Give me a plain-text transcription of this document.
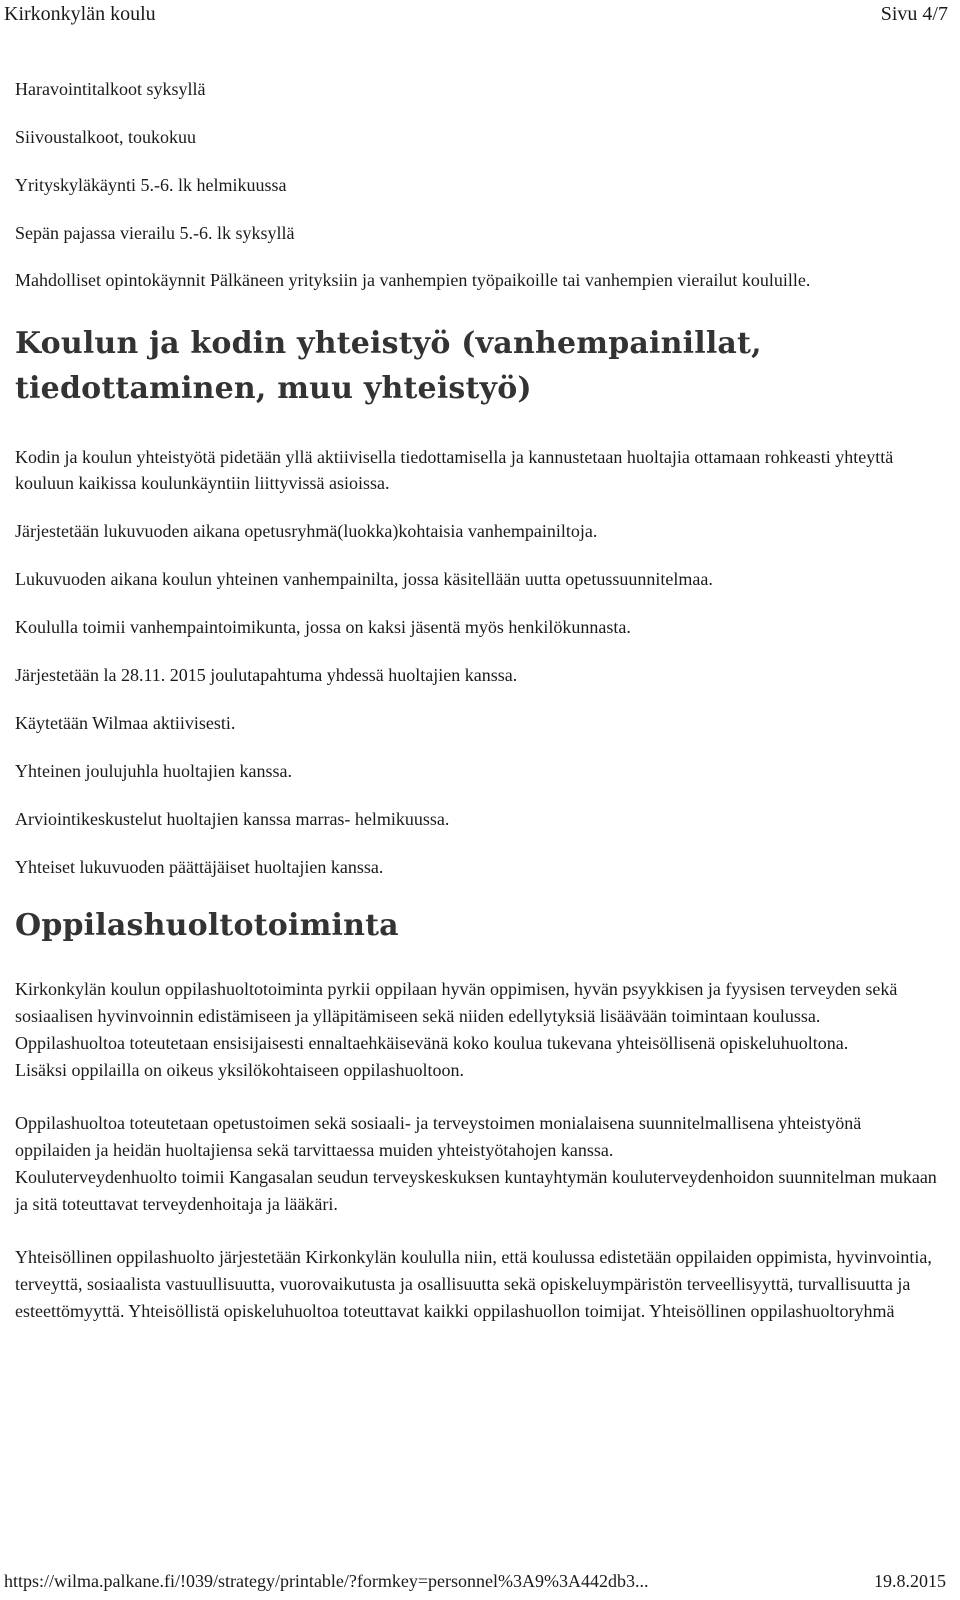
Kirkonkylän koulu	Sivu 4/7

Haravointitalkoot syksyllä

Siivoustalkoot, toukokuu

Yrityskyläkäynti 5.-6. lk helmikuussa

Sepän pajassa vierailu 5.-6. lk syksyllä

Mahdolliset opintokäynnit Pälkäneen yrityksiin ja vanhempien työpaikoille tai vanhempien vierailut kouluille.

Koulun ja kodin yhteistyö (vanhempainillat, tiedottaminen, muu yhteistyö)

Kodin ja koulun yhteistyötä pidetään yllä aktiivisella tiedottamisella ja kannustetaan huoltajia ottamaan rohkeasti yhteyttä kouluun kaikissa koulunkäyntiin liittyvissä asioissa.

Järjestetään lukuvuoden aikana opetusryhmä(luokka)kohtaisia vanhempainiltoja.

Lukuvuoden aikana koulun yhteinen vanhempainilta, jossa käsitellään uutta opetussuunnitelmaa.

Koululla toimii vanhempaintoimikunta, jossa on kaksi jäsentä myös henkilökunnasta.

Järjestetään la 28.11. 2015 joulutapahtuma yhdessä huoltajien kanssa.

Käytetään Wilmaa aktiivisesti.

Yhteinen joulujuhla huoltajien kanssa.

Arviointikeskustelut huoltajien kanssa marras- helmikuussa.

Yhteiset lukuvuoden päättäjäiset huoltajien kanssa.

Oppilashuoltotoiminta

Kirkonkylän koulun oppilashuoltotoiminta pyrkii oppilaan hyvän oppimisen, hyvän psyykkisen ja fyysisen terveyden sekä sosiaalisen hyvinvoinnin edistämiseen ja ylläpitämiseen sekä niiden edellytyksiä lisäävään toimintaan koulussa.

Oppilashuoltoa toteutetaan ensisijaisesti ennaltaehkäisevänä koko koulua tukevana yhteisöllisenä opiskeluhuoltona.

Lisäksi oppilailla on oikeus yksilökohtaiseen oppilashuoltoon.

Oppilashuoltoa toteutetaan opetustoimen sekä sosiaali- ja terveystoimen monialaisena suunnitelmallisena yhteistyönä oppilaiden ja heidän huoltajiensa sekä tarvittaessa muiden yhteistyötahojen kanssa.

Kouluterveydenhuolto toimii Kangasalan seudun terveyskeskuksen kuntayhtymän kouluterveydenhoidon suunnitelman mukaan ja sitä toteuttavat terveydenhoitaja ja lääkäri.

Yhteisöllinen oppilashuolto järjestetään Kirkonkylän koululla niin, että koulussa edistetään oppilaiden oppimista, hyvinvointia, terveyttä, sosiaalista vastuullisuutta, vuorovaikutusta ja osallisuutta sekä opiskeluympäristön terveellisyyttä, turvallisuutta ja esteettömyyttä. Yhteisöllistä opiskeluhuoltoa toteuttavat kaikki oppilashuollon toimijat. Yhteisöllinen oppilashuoltoryhmä

https://wilma.palkane.fi/!039/strategy/printable/?formkey=personnel%3A9%3A442db3...	19.8.2015
